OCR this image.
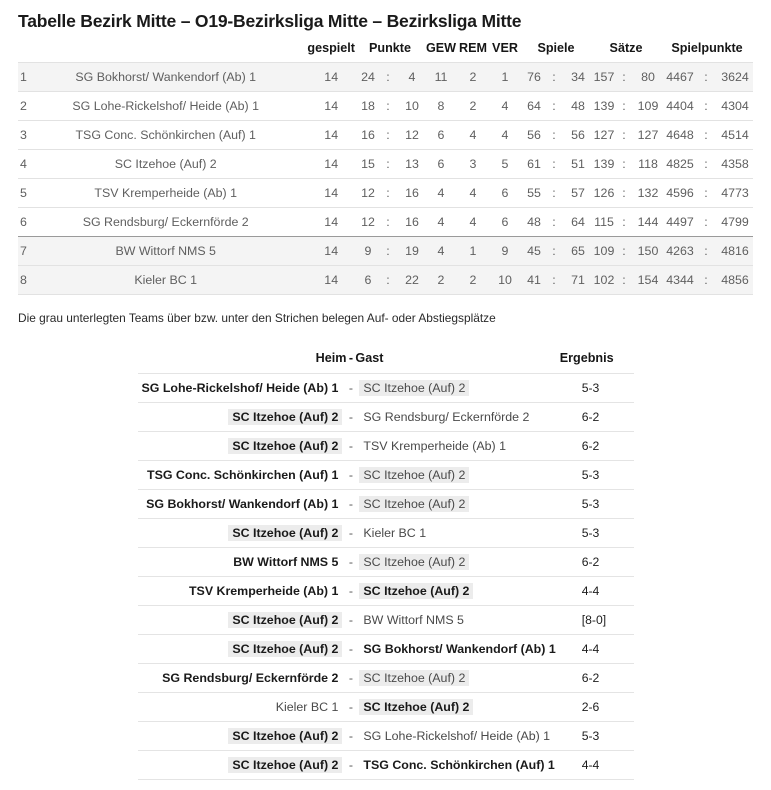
Tabelle Bezirk Mitte – O19-Bezirksliga Mitte – Bezirksliga Mitte
		gespielt	Punkte			GEW	REM	VER	Spiele			Sätze			Spielpunkte		
1	SG Bokhorst/ Wankendorf (Ab) 1	14	24	:	4	11	2	1	76	:	34	157	:	80	4467	:	3624
2	SG Lohe-Rickelshof/ Heide (Ab) 1	14	18	:	10	8	2	4	64	:	48	139	:	109	4404	:	4304
3	TSG Conc. Schönkirchen (Auf) 1	14	16	:	12	6	4	4	56	:	56	127	:	127	4648	:	4514
4	SC Itzehoe (Auf) 2	14	15	:	13	6	3	5	61	:	51	139	:	118	4825	:	4358
5	TSV Kremperheide (Ab) 1	14	12	:	16	4	4	6	55	:	57	126	:	132	4596	:	4773
6	SG Rendsburg/ Eckernförde 2	14	12	:	16	4	4	6	48	:	64	115	:	144	4497	:	4799
7	BW Wittorf NMS 5	14	9	:	19	4	1	9	45	:	65	109	:	150	4263	:	4816
8	Kieler BC 1	14	6	:	22	2	2	10	41	:	71	102	:	154	4344	:	4856
Die grau unterlegten Teams über bzw. unter den Strichen belegen Auf- oder Abstiegsplätze
Heim	-	Gast	Ergebnis
SG Lohe-Rickelshof/ Heide (Ab) 1	-	SC Itzehoe (Auf) 2	5-3
SC Itzehoe (Auf) 2	-	SG Rendsburg/ Eckernförde 2	6-2
SC Itzehoe (Auf) 2	-	TSV Kremperheide (Ab) 1	6-2
TSG Conc. Schönkirchen (Auf) 1	-	SC Itzehoe (Auf) 2	5-3
SG Bokhorst/ Wankendorf (Ab) 1	-	SC Itzehoe (Auf) 2	5-3
SC Itzehoe (Auf) 2	-	Kieler BC 1	5-3
BW Wittorf NMS 5	-	SC Itzehoe (Auf) 2	6-2
TSV Kremperheide (Ab) 1	-	SC Itzehoe (Auf) 2	4-4
SC Itzehoe (Auf) 2	-	BW Wittorf NMS 5	[8-0]
SC Itzehoe (Auf) 2	-	SG Bokhorst/ Wankendorf (Ab) 1	4-4
SG Rendsburg/ Eckernförde 2	-	SC Itzehoe (Auf) 2	6-2
Kieler BC 1	-	SC Itzehoe (Auf) 2	2-6
SC Itzehoe (Auf) 2	-	SG Lohe-Rickelshof/ Heide (Ab) 1	5-3
SC Itzehoe (Auf) 2	-	TSG Conc. Schönkirchen (Auf) 1	4-4
